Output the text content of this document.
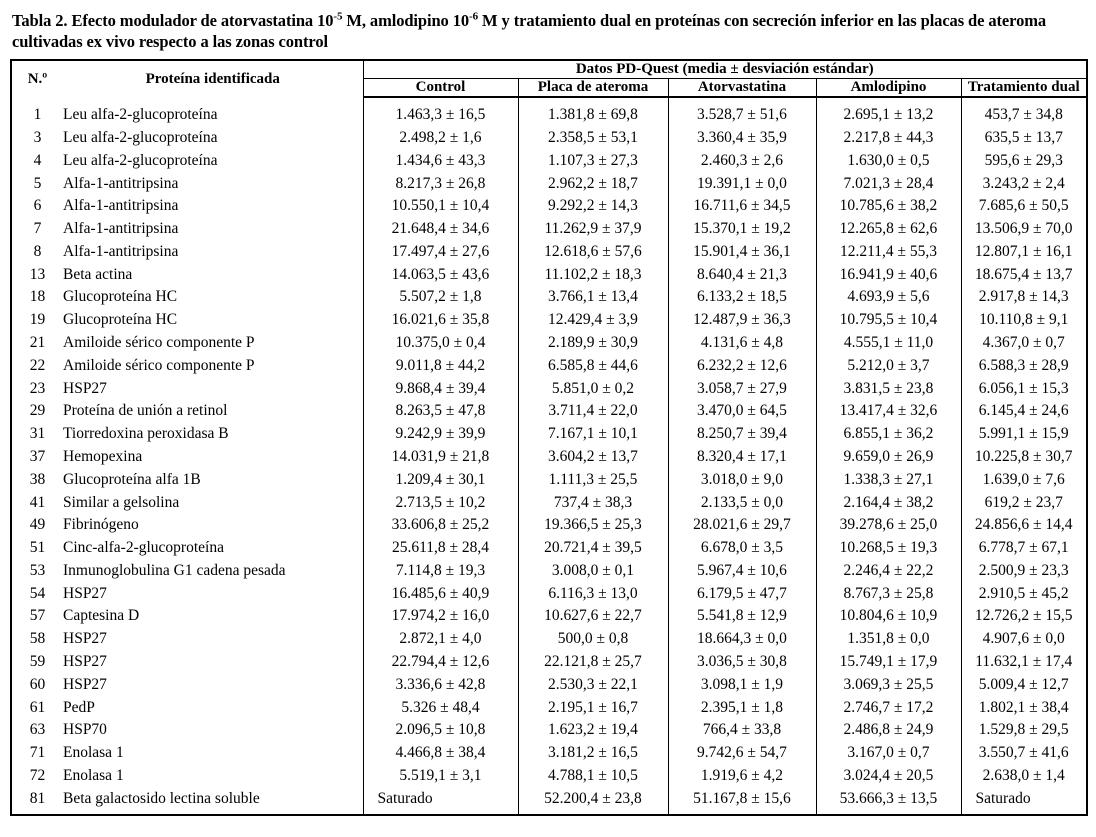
Tabla 2. Efecto modulador de atorvastatina $10^{-5}$ M, amlodipino $10^{-6}$ M y tratamiento dual en proteínas con secreción inferior en las placas de ateroma cultivadas ex vivo respecto a las zonas control
N.º	Proteína identificada	Datos PD-Quest (media ± desviación estándar)				
		Control	Placa de ateroma	Atorvastatina	Amlodipino	Tratamiento dual
1	Leu alfa-2-glucoproteína	1.463,3 ± 16,5	1.381,8 ± 69,8	3.528,7 ± 51,6	2.695,1 ± 13,2	453,7 ± 34,8
3	Leu alfa-2-glucoproteína	2.498,2 ± 1,6	2.358,5 ± 53,1	3.360,4 ± 35,9	2.217,8 ± 44,3	635,5 ± 13,7
4	Leu alfa-2-glucoproteína	1.434,6 ± 43,3	1.107,3 ± 27,3	2.460,3 ± 2,6	1.630,0 ± 0,5	595,6 ± 29,3
5	Alfa-1-antitripsina	8.217,3 ± 26,8	2.962,2 ± 18,7	19.391,1 ± 0,0	7.021,3 ± 28,4	3.243,2 ± 2,4
6	Alfa-1-antitripsina	10.550,1 ± 10,4	9.292,2 ± 14,3	16.711,6 ± 34,5	10.785,6 ± 38,2	7.685,6 ± 50,5
7	Alfa-1-antitripsina	21.648,4 ± 34,6	11.262,9 ± 37,9	15.370,1 ± 19,2	12.265,8 ± 62,6	13.506,9 ± 70,0
8	Alfa-1-antitripsina	17.497,4 ± 27,6	12.618,6 ± 57,6	15.901,4 ± 36,1	12.211,4 ± 55,3	12.807,1 ± 16,1
13	Beta actina	14.063,5 ± 43,6	11.102,2 ± 18,3	8.640,4 ± 21,3	16.941,9 ± 40,6	18.675,4 ± 13,7
18	Glucoproteína HC	5.507,2 ± 1,8	3.766,1 ± 13,4	6.133,2 ± 18,5	4.693,9 ± 5,6	2.917,8 ± 14,3
19	Glucoproteína HC	16.021,6 ± 35,8	12.429,4 ± 3,9	12.487,9 ± 36,3	10.795,5 ± 10,4	10.110,8 ± 9,1
21	Amiloide sérico componente P	10.375,0 ± 0,4	2.189,9 ± 30,9	4.131,6 ± 4,8	4.555,1 ± 11,0	4.367,0 ± 0,7
22	Amiloide sérico componente P	9.011,8 ± 44,2	6.585,8 ± 44,6	6.232,2 ± 12,6	5.212,0 ± 3,7	6.588,3 ± 28,9
23	HSP27	9.868,4 ± 39,4	5.851,0 ± 0,2	3.058,7 ± 27,9	3.831,5 ± 23,8	6.056,1 ± 15,3
29	Proteína de unión a retinol	8.263,5 ± 47,8	3.711,4 ± 22,0	3.470,0 ± 64,5	13.417,4 ± 32,6	6.145,4 ± 24,6
31	Tiorredoxina peroxidasa B	9.242,9 ± 39,9	7.167,1 ± 10,1	8.250,7 ± 39,4	6.855,1 ± 36,2	5.991,1 ± 15,9
37	Hemopexina	14.031,9 ± 21,8	3.604,2 ± 13,7	8.320,4 ± 17,1	9.659,0 ± 26,9	10.225,8 ± 30,7
38	Glucoproteína alfa 1B	1.209,4 ± 30,1	1.111,3 ± 25,5	3.018,0 ± 9,0	1.338,3 ± 27,1	1.639,0 ± 7,6
41	Similar a gelsolina	2.713,5 ± 10,2	737,4 ± 38,3	2.133,5 ± 0,0	2.164,4 ± 38,2	619,2 ± 23,7
49	Fibrinógeno	33.606,8 ± 25,2	19.366,5 ± 25,3	28.021,6 ± 29,7	39.278,6 ± 25,0	24.856,6 ± 14,4
51	Cinc-alfa-2-glucoproteína	25.611,8 ± 28,4	20.721,4 ± 39,5	6.678,0 ± 3,5	10.268,5 ± 19,3	6.778,7 ± 67,1
53	Inmunoglobulina G1 cadena pesada	7.114,8 ± 19,3	3.008,0 ± 0,1	5.967,4 ± 10,6	2.246,4 ± 22,2	2.500,9 ± 23,3
54	HSP27	16.485,6 ± 40,9	6.116,3 ± 13,0	6.179,5 ± 47,7	8.767,3 ± 25,8	2.910,5 ± 45,2
57	Captesina D	17.974,2 ± 16,0	10.627,6 ± 22,7	5.541,8 ± 12,9	10.804,6 ± 10,9	12.726,2 ± 15,5
58	HSP27	2.872,1 ± 4,0	500,0 ± 0,8	18.664,3 ± 0,0	1.351,8 ± 0,0	4.907,6 ± 0,0
59	HSP27	22.794,4 ± 12,6	22.121,8 ± 25,7	3.036,5 ± 30,8	15.749,1 ± 17,9	11.632,1 ± 17,4
60	HSP27	3.336,6 ± 42,8	2.530,3 ± 22,1	3.098,1 ± 1,9	3.069,3 ± 25,5	5.009,4 ± 12,7
61	PedP	5.326 ± 48,4	2.195,1 ± 16,7	2.395,1 ± 1,8	2.746,7 ± 17,2	1.802,1 ± 38,4
63	HSP70	2.096,5 ± 10,8	1.623,2 ± 19,4	766,4 ± 33,8	2.486,8 ± 24,9	1.529,8 ± 29,5
71	Enolasa 1	4.466,8 ± 38,4	3.181,2 ± 16,5	9.742,6 ± 54,7	3.167,0 ± 0,7	3.550,7 ± 41,6
72	Enolasa 1	5.519,1 ± 3,1	4.788,1 ± 10,5	1.919,6 ± 4,2	3.024,4 ± 20,5	2.638,0 ± 1,4
81	Beta galactosido lectina soluble	Saturado	52.200,4 ± 23,8	51.167,8 ± 15,6	53.666,3 ± 13,5	Saturado
